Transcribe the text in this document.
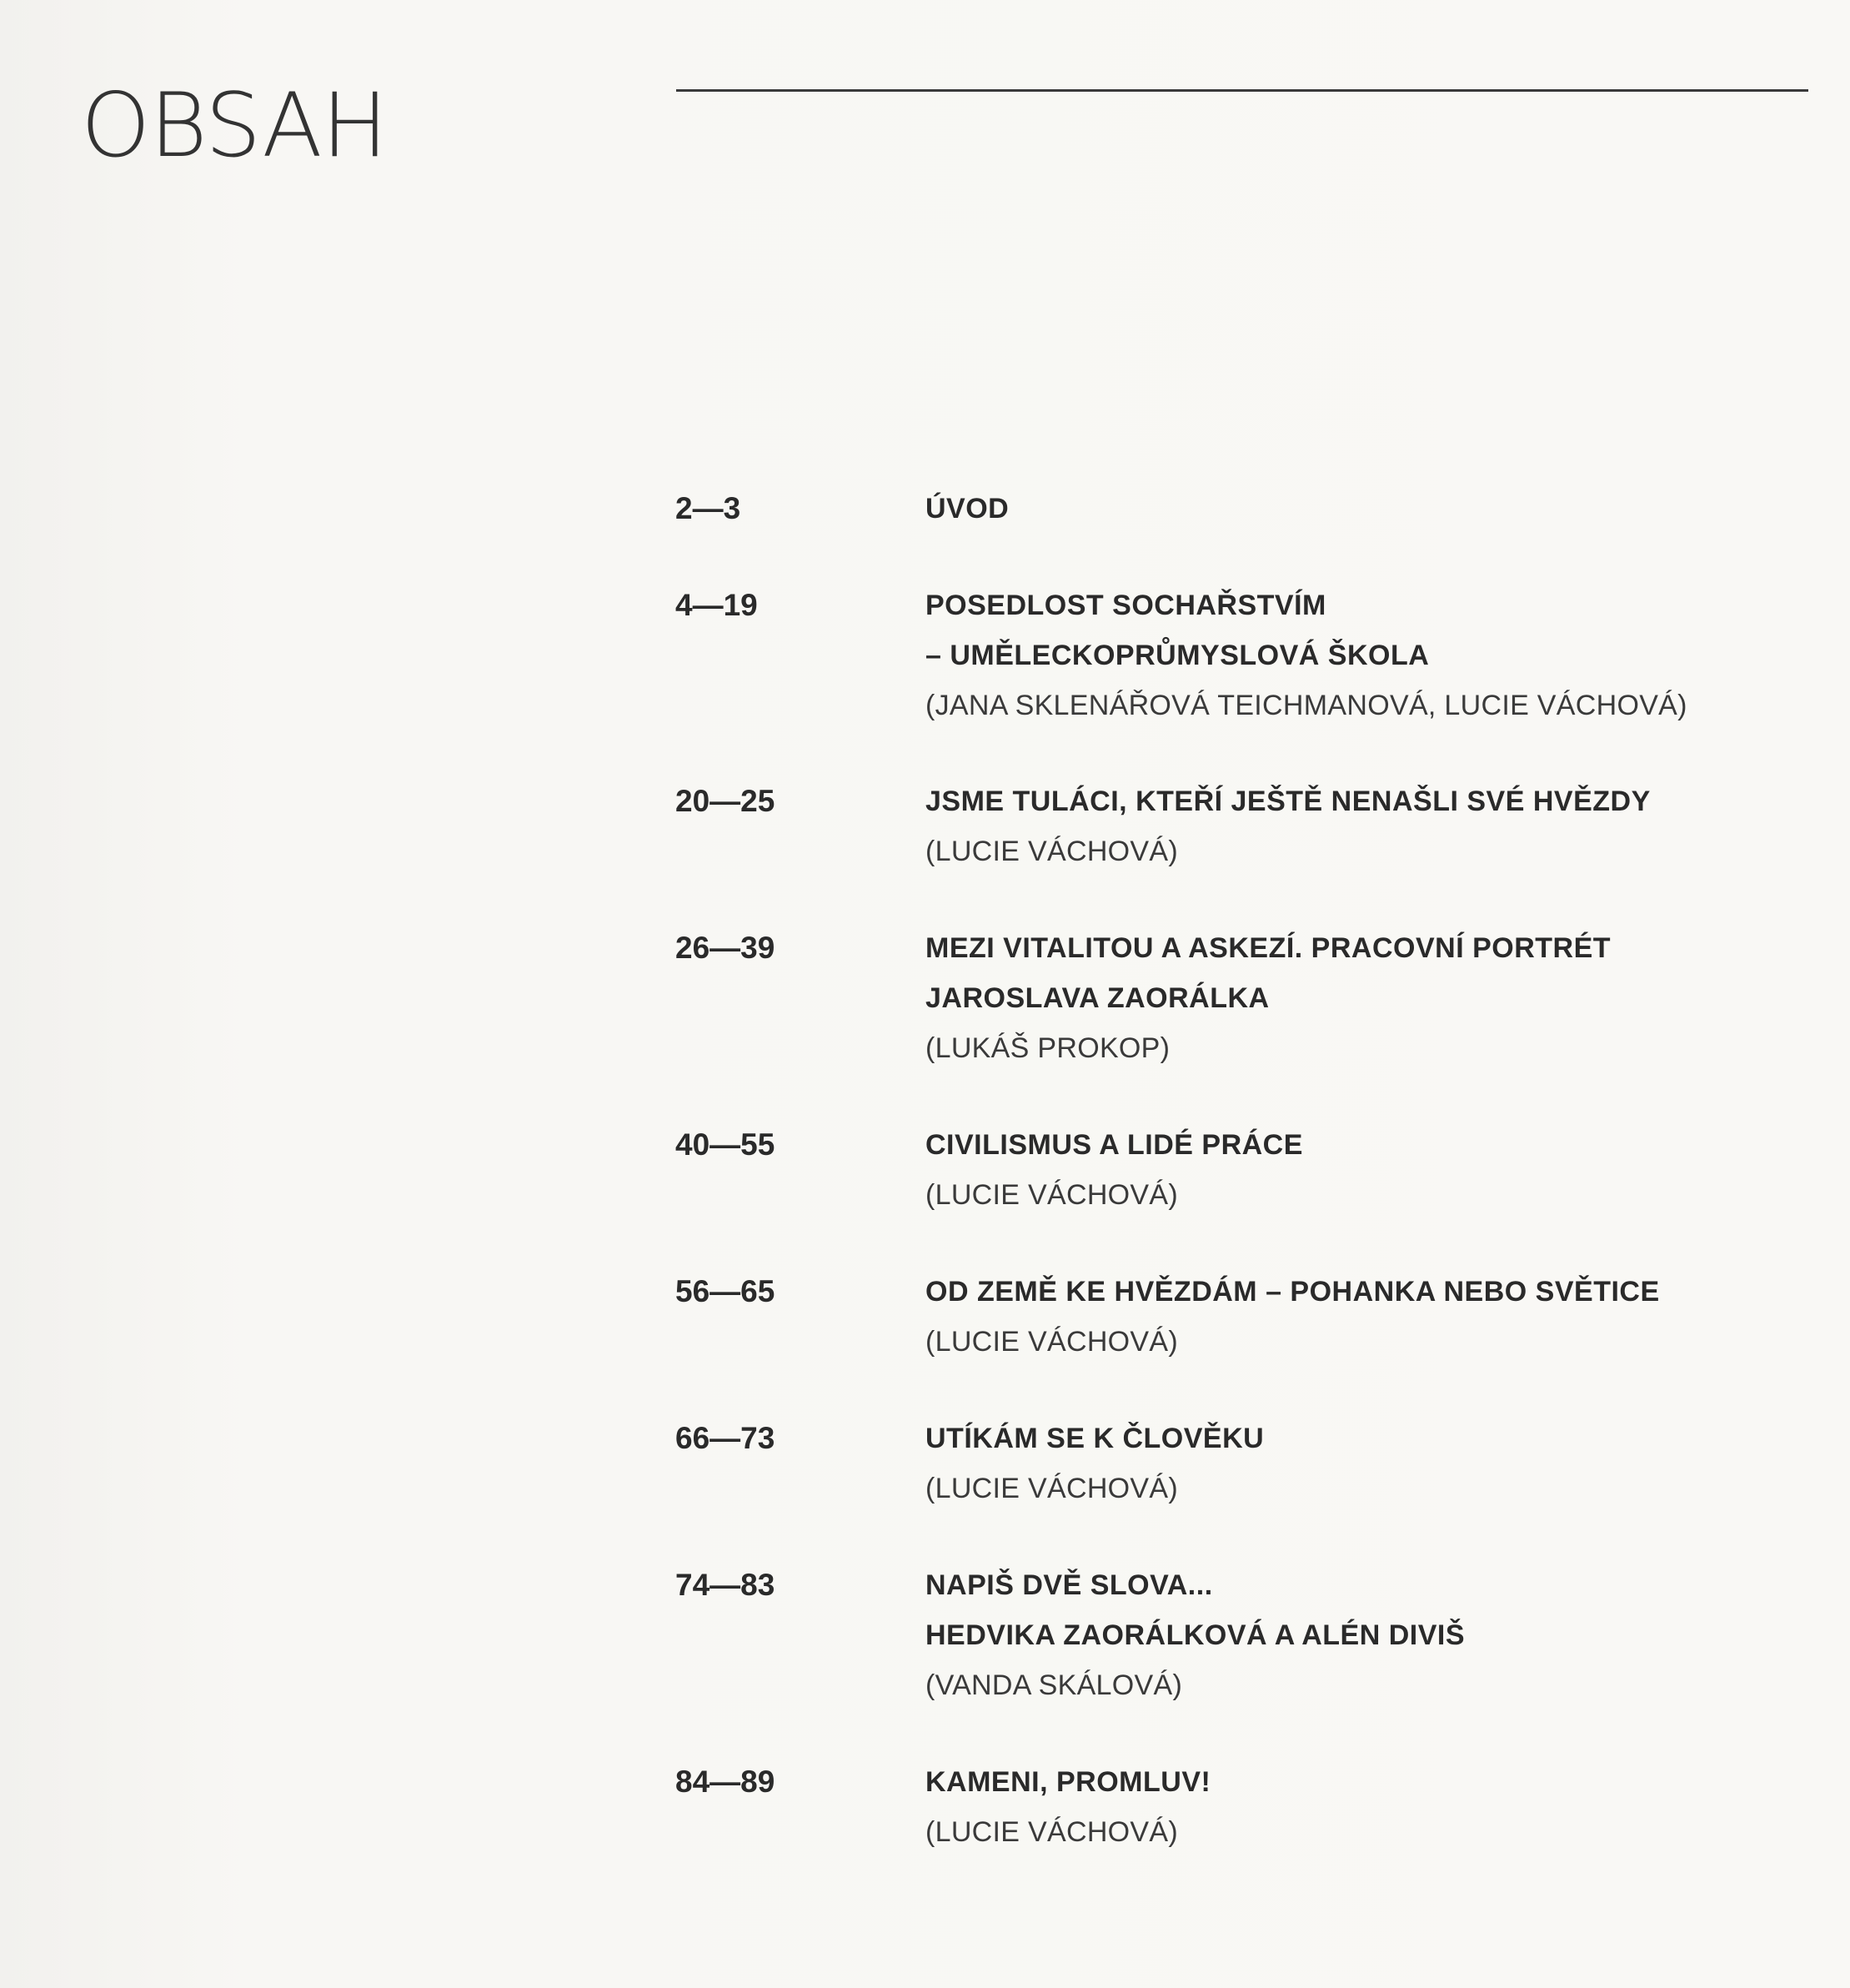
OBSAH
2—3	ÚVOD
4—19	POSEDLOST SOCHAŘSTVÍM
– UMĚLECKOPRŮMYSLOVÁ ŠKOLA
(JANA SKLENÁŘOVÁ TEICHMANOVÁ, LUCIE VÁCHOVÁ)
20—25	JSME TULÁCI, KTEŘÍ JEŠTĚ NENAŠLI SVÉ HVĚZDY
(LUCIE VÁCHOVÁ)
26—39	MEZI VITALITOU A ASKEZÍ. PRACOVNÍ PORTRÉT
JAROSLAVA ZAORÁLKA
(LUKÁŠ PROKOP)
40—55	CIVILISMUS A LIDÉ PRÁCE
(LUCIE VÁCHOVÁ)
56—65	OD ZEMĚ KE HVĚZDÁM – POHANKA NEBO SVĚTICE
(LUCIE VÁCHOVÁ)
66—73	UTÍKÁM SE K ČLOVĚKU
(LUCIE VÁCHOVÁ)
74—83	NAPIŠ DVĚ SLOVA...
HEDVIKA ZAORÁLKOVÁ A ALÉN DIVIŠ
(VANDA SKÁLOVÁ)
84—89	KAMENI, PROMLUV!
(LUCIE VÁCHOVÁ)
